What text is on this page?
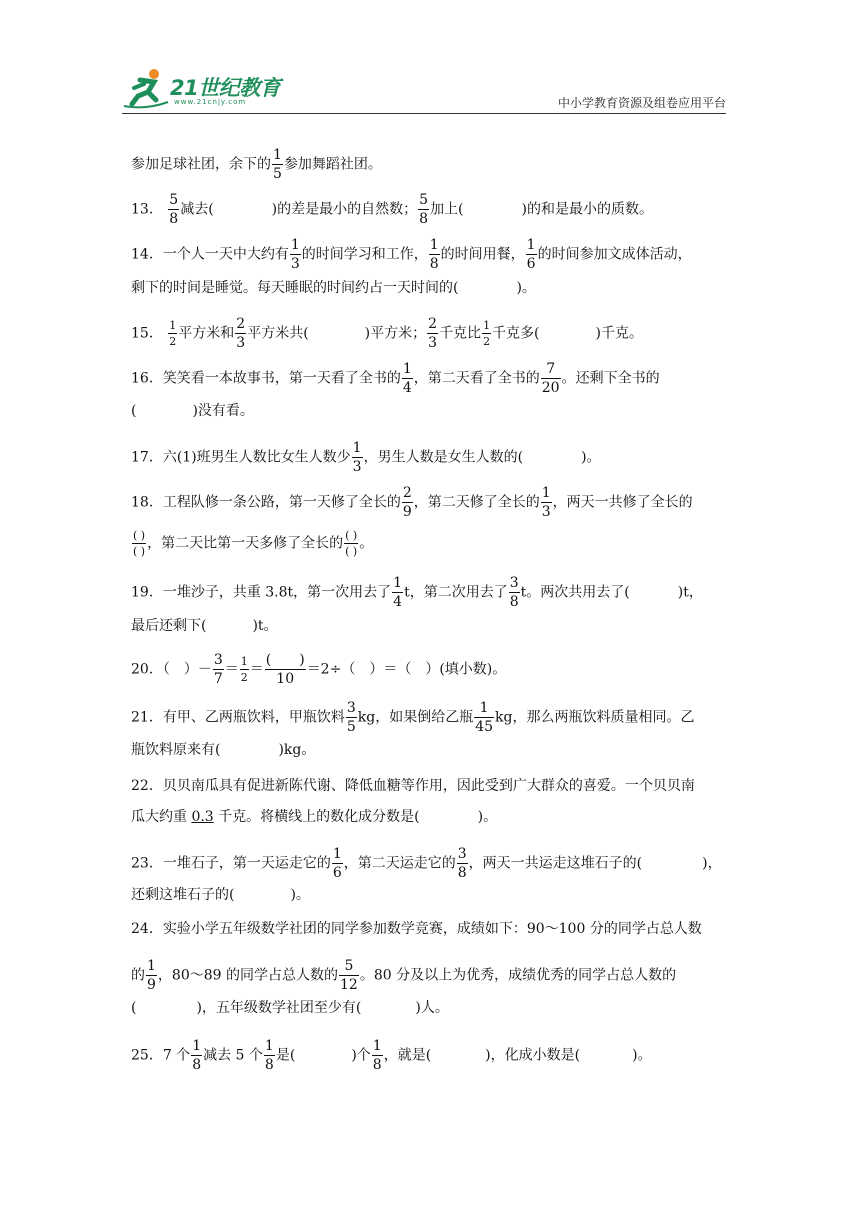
21世纪教育
www.21cnjy.com	中小学教育资源及组卷应用平台
参加足球社团，余下的 $\frac{1}{5}$ 参加舞蹈社团。
13． $\frac{5}{8}$ 减去(	)的差是最小的自然数； $\frac{5}{8}$ 加上(	)的和是最小的质数。
14．一个人一天中大约有 $\frac{1}{3}$ 的时间学习和工作， $\frac{1}{8}$ 的时间用餐， $\frac{1}{6}$ 的时间参加文成体活动，
剩下的时间是睡觉。每天睡眠的时间约占一天时间的(	)。
15． $\frac{1}{2}$ 平方米和 $\frac{2}{3}$ 平方米共(	)平方米； $\frac{2}{3}$ 千克比 $\frac{1}{2}$ 千克多(	)千克。
16．笑笑看一本故事书，第一天看了全书的 $\frac{1}{4}$ ，第二天看了全书的 $\frac{7}{20}$ 。还剩下全书的
(	)没有看。
17．六(1)班男生人数比女生人数少 $\frac{1}{3}$ ，男生人数是女生人数的(	)。
18．工程队修一条公路，第一天修了全长的 $\frac{2}{9}$ ，第二天修了全长的 $\frac{1}{3}$ ，两天一共修了全长的
( )
( ) ，第二天比第一天多修了全长的 ( )
( ) 。
19．一堆沙子，共重 3.8t，第一次用去了 $\frac{1}{4}$ t，第二次用去了 $\frac{3}{8}$ t。两次共用去了(	)t，
最后还剩下(	)t。
20．（　）－ $\frac{3}{7} = \frac{1}{2}$ ＝
(　　)
10
＝2÷（　）＝（　）(填小数)。
21．有甲、乙两瓶饮料，甲瓶饮料 $\frac{3}{5}$ kg，如果倒给乙瓶 $\frac{1}{45}$ kg，那么两瓶饮料质量相同。乙
瓶饮料原来有(	)kg。
22．贝贝南瓜具有促进新陈代谢、降低血糖等作用，因此受到广大群众的喜爱。一个贝贝南
瓜大约重 0.3 千克。将横线上的数化成分数是(	)。
23．一堆石子，第一天运走它的 $\frac{1}{6}$ ，第二天运走它的 $\frac{3}{8}$ ，两天一共运走这堆石子的(	)，
还剩这堆石子的(	)。
24．实验小学五年级数学社团的同学参加数学竞赛，成绩如下：90～100 分的同学占总人数
的 $\frac{1}{9}$ ，80～89 的同学占总人数的 $\frac{5}{12}$ 。80 分及以上为优秀，成绩优秀的同学占总人数的
(	)，五年级数学社团至少有(	)人。
25．7 个 $\frac{1}{8}$ 减去 5 个 $\frac{1}{8}$ 是(	)个 $\frac{1}{8}$ ，就是(	)，化成小数是(	)。
